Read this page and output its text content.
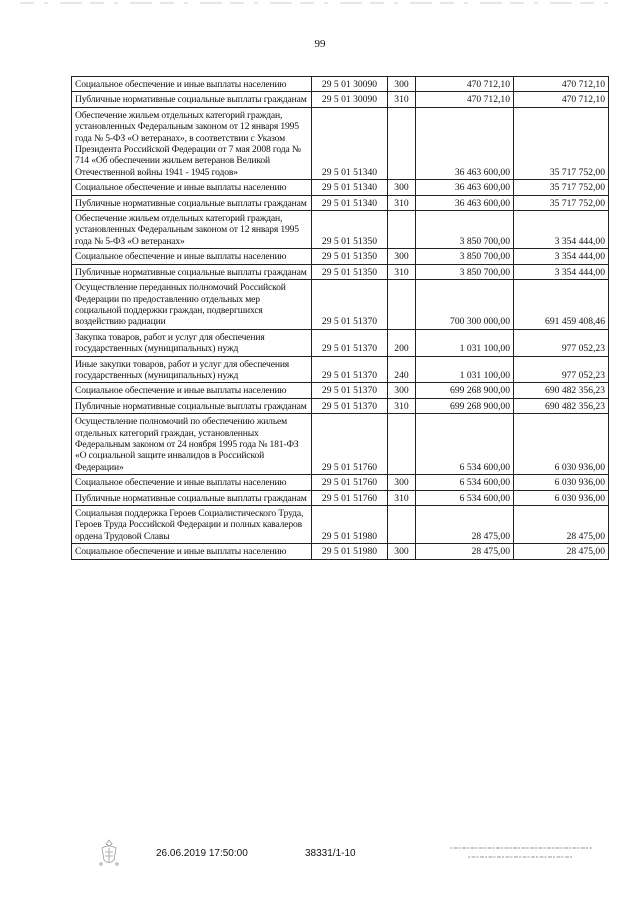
99
Социальное обеспечение и иные выплаты населению	29 5 01 30090	300	470 712,10	470 712,10
Публичные нормативные социальные выплаты гражданам	29 5 01 30090	310	470 712,10	470 712,10
Обеспечение жильем отдельных категорий граждан, установленных Федеральным законом от 12 января 1995 года № 5-ФЗ «О ветеранах», в соответствии с Указом Президента Российской Федерации от 7 мая 2008 года № 714 «Об обеспечении жильем ветеранов Великой Отечественной войны 1941 - 1945 годов»	29 5 01 51340		36 463 600,00	35 717 752,00
Социальное обеспечение и иные выплаты населению	29 5 01 51340	300	36 463 600,00	35 717 752,00
Публичные нормативные социальные выплаты гражданам	29 5 01 51340	310	36 463 600,00	35 717 752,00
Обеспечение жильем отдельных категорий граждан, установленных Федеральным законом от 12 января 1995 года № 5-ФЗ «О ветеранах»	29 5 01 51350		3 850 700,00	3 354 444,00
Социальное обеспечение и иные выплаты населению	29 5 01 51350	300	3 850 700,00	3 354 444,00
Публичные нормативные социальные выплаты гражданам	29 5 01 51350	310	3 850 700,00	3 354 444,00
Осуществление переданных полномочий Российской Федерации по предоставлению отдельных мер социальной поддержки граждан, подвергшихся воздействию радиации	29 5 01 51370		700 300 000,00	691 459 408,46
Закупка товаров, работ и услуг для обеспечения государственных (муниципальных) нужд	29 5 01 51370	200	1 031 100,00	977 052,23
Иные закупки товаров, работ и услуг для обеспечения государственных (муниципальных) нужд	29 5 01 51370	240	1 031 100,00	977 052,23
Социальное обеспечение и иные выплаты населению	29 5 01 51370	300	699 268 900,00	690 482 356,23
Публичные нормативные социальные выплаты гражданам	29 5 01 51370	310	699 268 900,00	690 482 356,23
Осуществление полномочий по обеспечению жильем отдельных категорий граждан, установленных Федеральным законом от 24 ноября 1995 года № 181-ФЗ «О социальной защите инвалидов в Российской Федерации»	29 5 01 51760		6 534 600,00	6 030 936,00
Социальное обеспечение и иные выплаты населению	29 5 01 51760	300	6 534 600,00	6 030 936,00
Публичные нормативные социальные выплаты гражданам	29 5 01 51760	310	6 534 600,00	6 030 936,00
Социальная поддержка Героев Социалистического Труда, Героев Труда Российской Федерации и полных кавалеров ордена Трудовой Славы	29 5 01 51980		28 475,00	28 475,00
Социальное обеспечение и иные выплаты населению	29 5 01 51980	300	28 475,00	28 475,00
26.06.2019 17:50:00	38331/1-10
